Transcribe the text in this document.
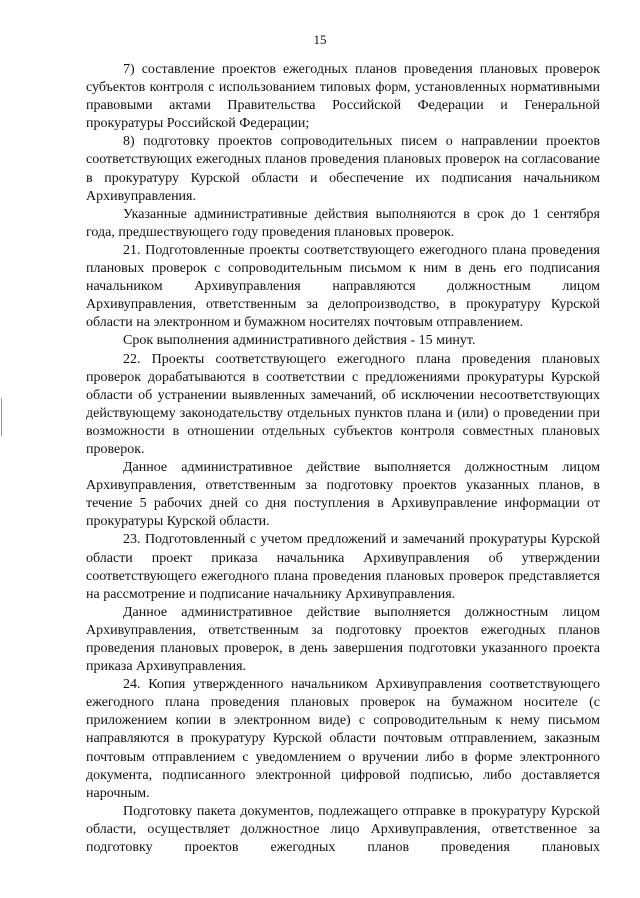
15

7) составление проектов ежегодных планов проведения плановых проверок субъектов контроля с использованием типовых форм, установленных нормативными правовыми актами Правительства Российской Федерации и Генеральной прокуратуры Российской Федерации;

8) подготовку проектов сопроводительных писем о направлении проектов соответствующих ежегодных планов проведения плановых проверок на согласование в прокуратуру Курской области и обеспечение их подписания начальником Архивуправления.

Указанные административные действия выполняются в срок до 1 сентября года, предшествующего году проведения плановых проверок.

21. Подготовленные проекты соответствующего ежегодного плана проведения плановых проверок с сопроводительным письмом к ним в день его подписания начальником Архивуправления направляются должностным лицом Архивуправления, ответственным за делопроизводство, в прокуратуру Курской области на электронном и бумажном носителях почтовым отправлением.

Срок выполнения административного действия - 15 минут.

22. Проекты соответствующего ежегодного плана проведения плановых проверок дорабатываются в соответствии с предложениями прокуратуры Курской области об устранении выявленных замечаний, об исключении несоответствующих действующему законодательству отдельных пунктов плана и (или) о проведении при возможности в отношении отдельных субъектов контроля совместных плановых проверок.

Данное административное действие выполняется должностным лицом Архивуправления, ответственным за подготовку проектов указанных планов, в течение 5 рабочих дней со дня поступления в Архивуправление информации от прокуратуры Курской области.

23. Подготовленный с учетом предложений и замечаний прокуратуры Курской области проект приказа начальника Архивуправления об утверждении соответствующего ежегодного плана проведения плановых проверок представляется на рассмотрение и подписание начальнику Архивуправления.

Данное административное действие выполняется должностным лицом Архивуправления, ответственным за подготовку проектов ежегодных планов проведения плановых проверок, в день завершения подготовки указанного проекта приказа Архивуправления.

24. Копия утвержденного начальником Архивуправления соответствующего ежегодного плана проведения плановых проверок на бумажном носителе (с приложением копии в электронном виде) с сопроводительным к нему письмом направляются в прокуратуру Курской области почтовым отправлением, заказным почтовым отправлением с уведомлением о вручении либо в форме электронного документа, подписанного электронной цифровой подписью, либо доставляется нарочным.

Подготовку пакета документов, подлежащего отправке в прокуратуру Курской области, осуществляет должностное лицо Архивуправления, ответственное за подготовку проектов ежегодных планов проведения плановых
